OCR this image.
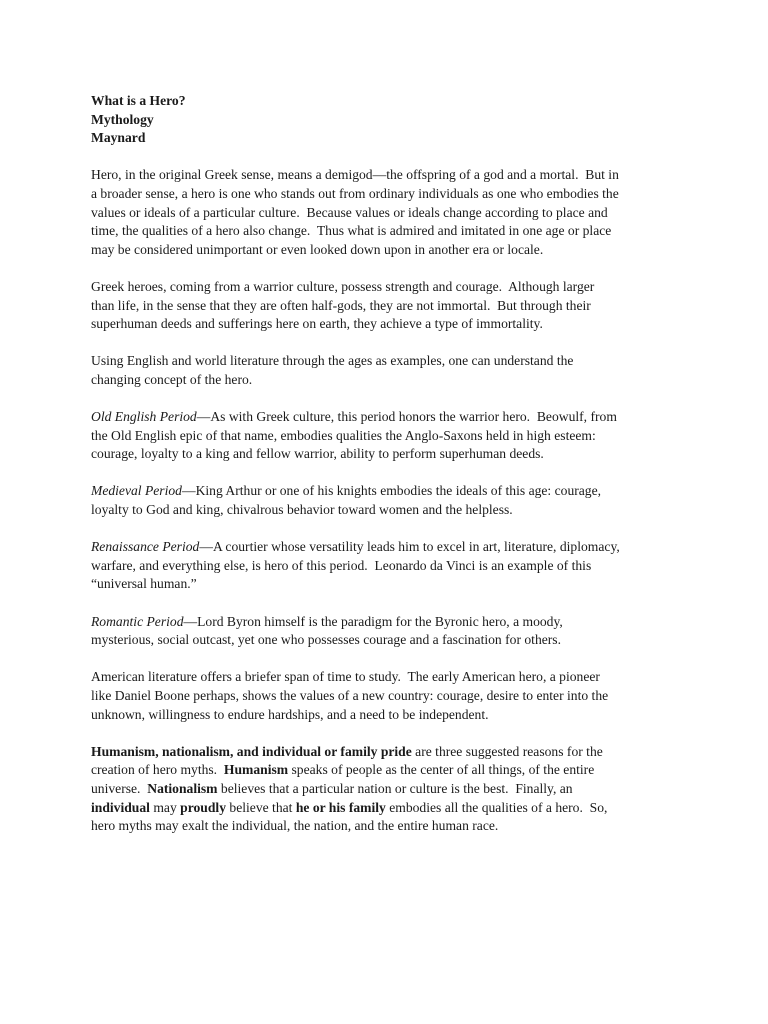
What is a Hero?
Mythology
Maynard
Hero, in the original Greek sense, means a demigod—the offspring of a god and a mortal.  But in
a broader sense, a hero is one who stands out from ordinary individuals as one who embodies the
values or ideals of a particular culture.  Because values or ideals change according to place and
time, the qualities of a hero also change.  Thus what is admired and imitated in one age or place
may be considered unimportant or even looked down upon in another era or locale.
Greek heroes, coming from a warrior culture, possess strength and courage.  Although larger
than life, in the sense that they are often half-gods, they are not immortal.  But through their
superhuman deeds and sufferings here on earth, they achieve a type of immortality.
Using English and world literature through the ages as examples, one can understand the
changing concept of the hero.
Old English Period—As with Greek culture, this period honors the warrior hero.  Beowulf, from
the Old English epic of that name, embodies qualities the Anglo-Saxons held in high esteem:
courage, loyalty to a king and fellow warrior, ability to perform superhuman deeds.
Medieval Period—King Arthur or one of his knights embodies the ideals of this age: courage,
loyalty to God and king, chivalrous behavior toward women and the helpless.
Renaissance Period—A courtier whose versatility leads him to excel in art, literature, diplomacy,
warfare, and everything else, is hero of this period.  Leonardo da Vinci is an example of this
“universal human.”
Romantic Period—Lord Byron himself is the paradigm for the Byronic hero, a moody,
mysterious, social outcast, yet one who possesses courage and a fascination for others.
American literature offers a briefer span of time to study.  The early American hero, a pioneer
like Daniel Boone perhaps, shows the values of a new country: courage, desire to enter into the
unknown, willingness to endure hardships, and a need to be independent.
Humanism, nationalism, and individual or family pride are three suggested reasons for the
creation of hero myths.  Humanism speaks of people as the center of all things, of the entire
universe.  Nationalism believes that a particular nation or culture is the best.  Finally, an
individual may proudly believe that he or his family embodies all the qualities of a hero.  So,
hero myths may exalt the individual, the nation, and the entire human race.
